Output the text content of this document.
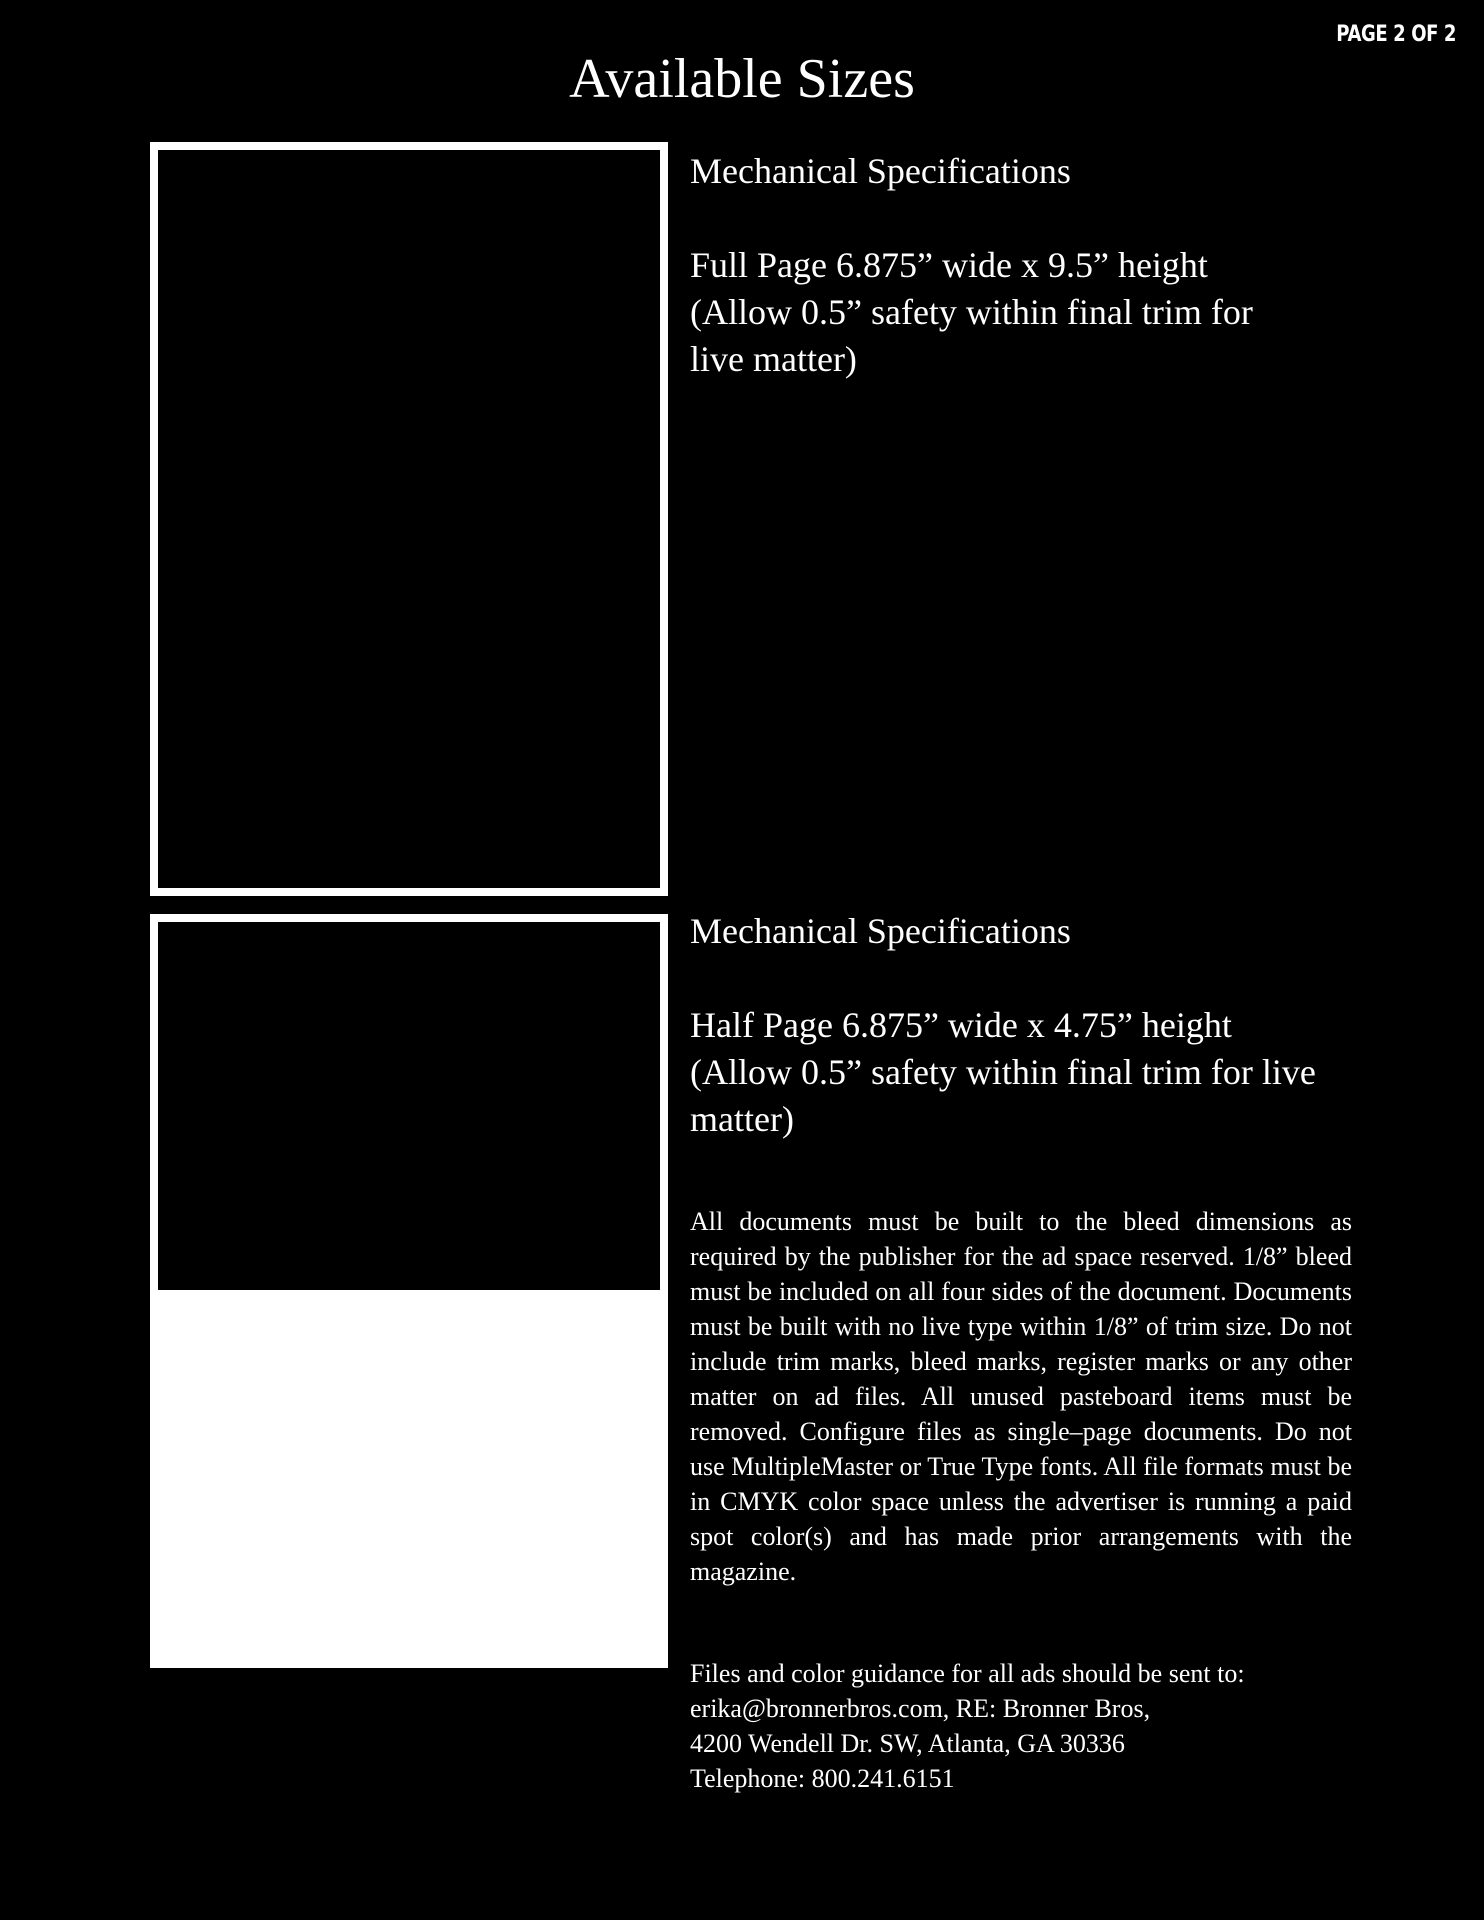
PAGE 2 OF 2
Available Sizes

Mechanical Specifications

Full Page 6.875” wide x 9.5” height (Allow 0.5” safety within final trim for live matter)

Mechanical Specifications

Half Page 6.875” wide x 4.75” height (Allow 0.5” safety within final trim for live matter)

All documents must be built to the bleed dimensions as required by the publisher for the ad space reserved. 1/8” bleed must be included on all four sides of the document. Documents must be built with no live type within 1/8” of trim size. Do not include trim marks, bleed marks, register marks or any other matter on ad files. All unused pasteboard items must be removed. Configure files as single–page documents. Do not use MultipleMaster or True Type fonts. All file formats must be in CMYK color space unless the advertiser is running a paid spot color(s) and has made prior arrangements with the magazine.

Files and color guidance for all ads should be sent to:
erika@bronnerbros.com, RE: Bronner Bros,
4200 Wendell Dr. SW, Atlanta, GA 30336
Telephone: 800.241.6151
